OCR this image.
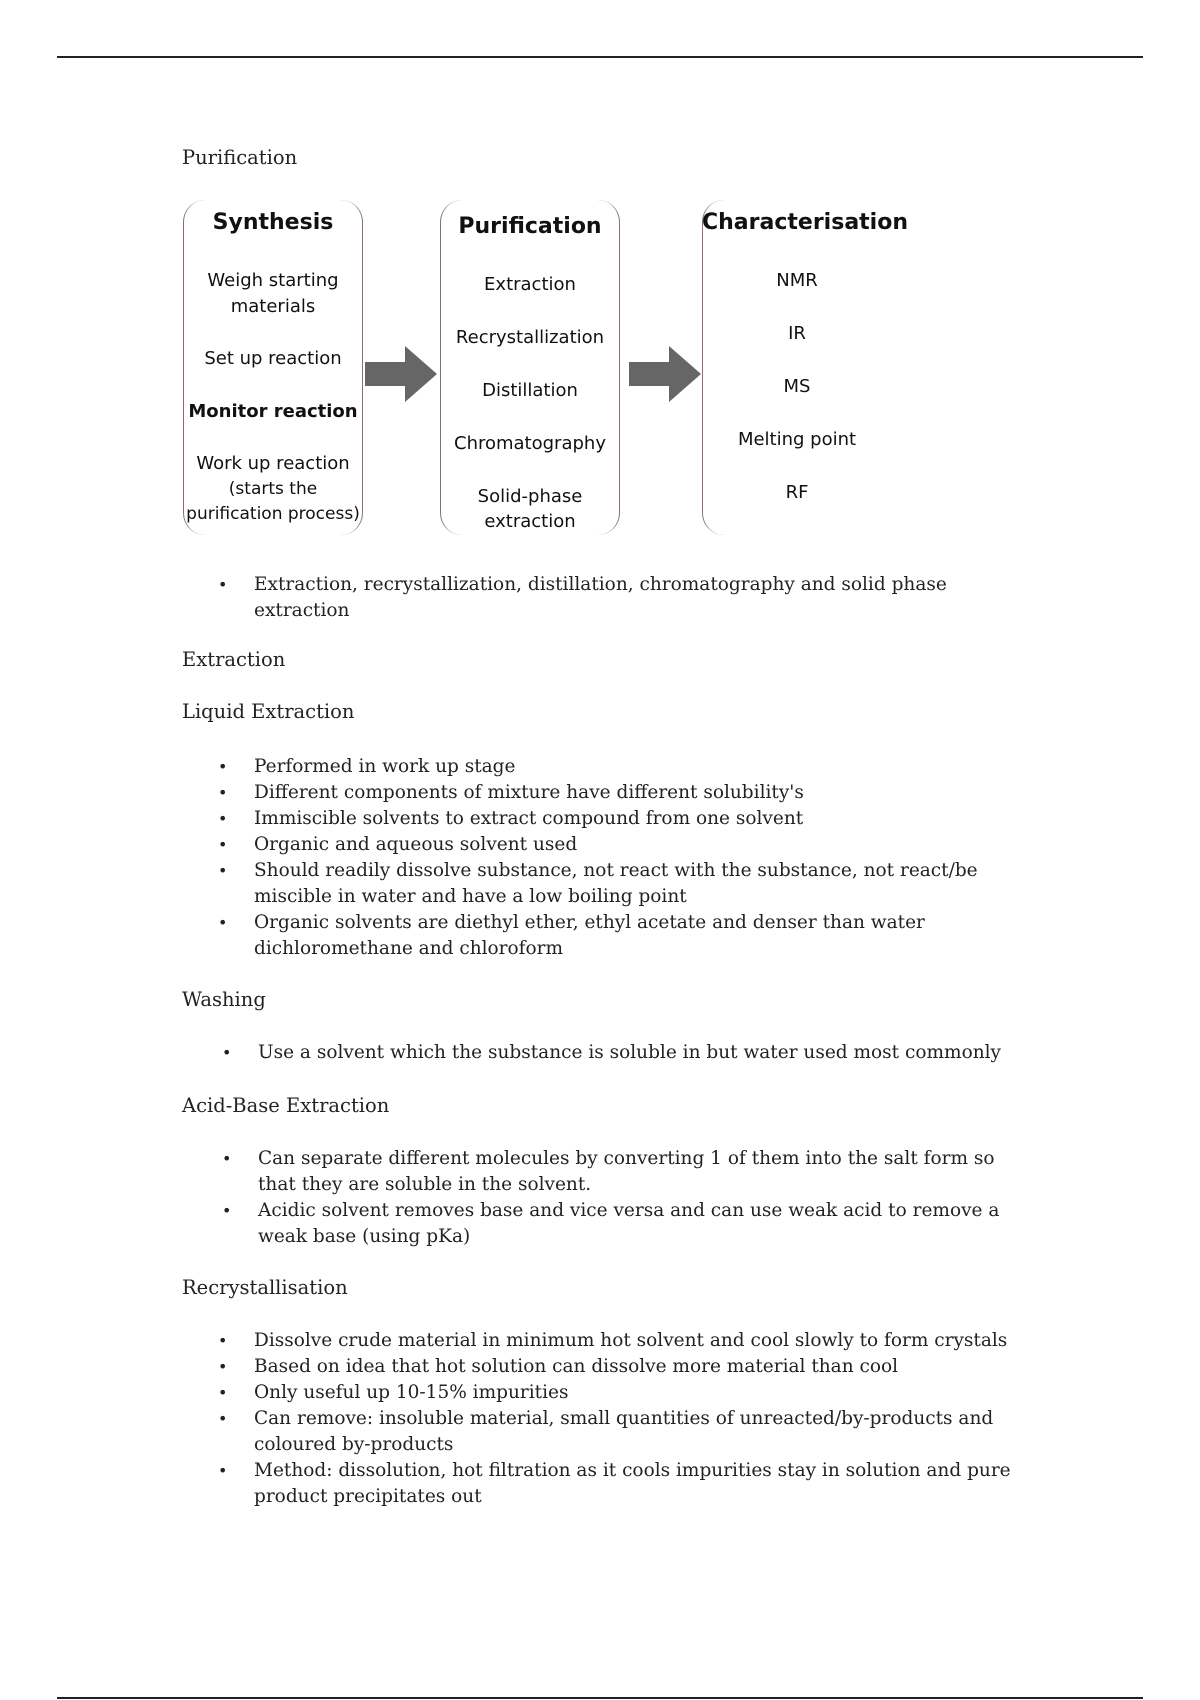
Purification
Synthesis
Weigh starting
materials
Set up reaction
Monitor reaction
Work up reaction
(starts the
purification process)
Purification
Extraction
Recrystallization
Distillation
Chromatography
Solid-phase
extraction
Characterisation
NMR
IR
MS
Melting point
RF
•	Extraction, recrystallization, distillation, chromatography and solid phase extraction
Extraction
Liquid Extraction
•	Performed in work up stage
•	Different components of mixture have different solubility's
•	Immiscible solvents to extract compound from one solvent
•	Organic and aqueous solvent used
•	Should readily dissolve substance, not react with the substance, not react/be miscible in water and have a low boiling point
•	Organic solvents are diethyl ether, ethyl acetate and denser than water dichloromethane and chloroform
Washing
•	Use a solvent which the substance is soluble in but water used most commonly
Acid-Base Extraction
•	Can separate different molecules by converting 1 of them into the salt form so that they are soluble in the solvent.
•	Acidic solvent removes base and vice versa and can use weak acid to remove a weak base (using pKa)
Recrystallisation
•	Dissolve crude material in minimum hot solvent and cool slowly to form crystals
•	Based on idea that hot solution can dissolve more material than cool
•	Only useful up 10-15% impurities
•	Can remove: insoluble material, small quantities of unreacted/by-products and coloured by-products
•	Method: dissolution, hot filtration as it cools impurities stay in solution and pure product precipitates out
